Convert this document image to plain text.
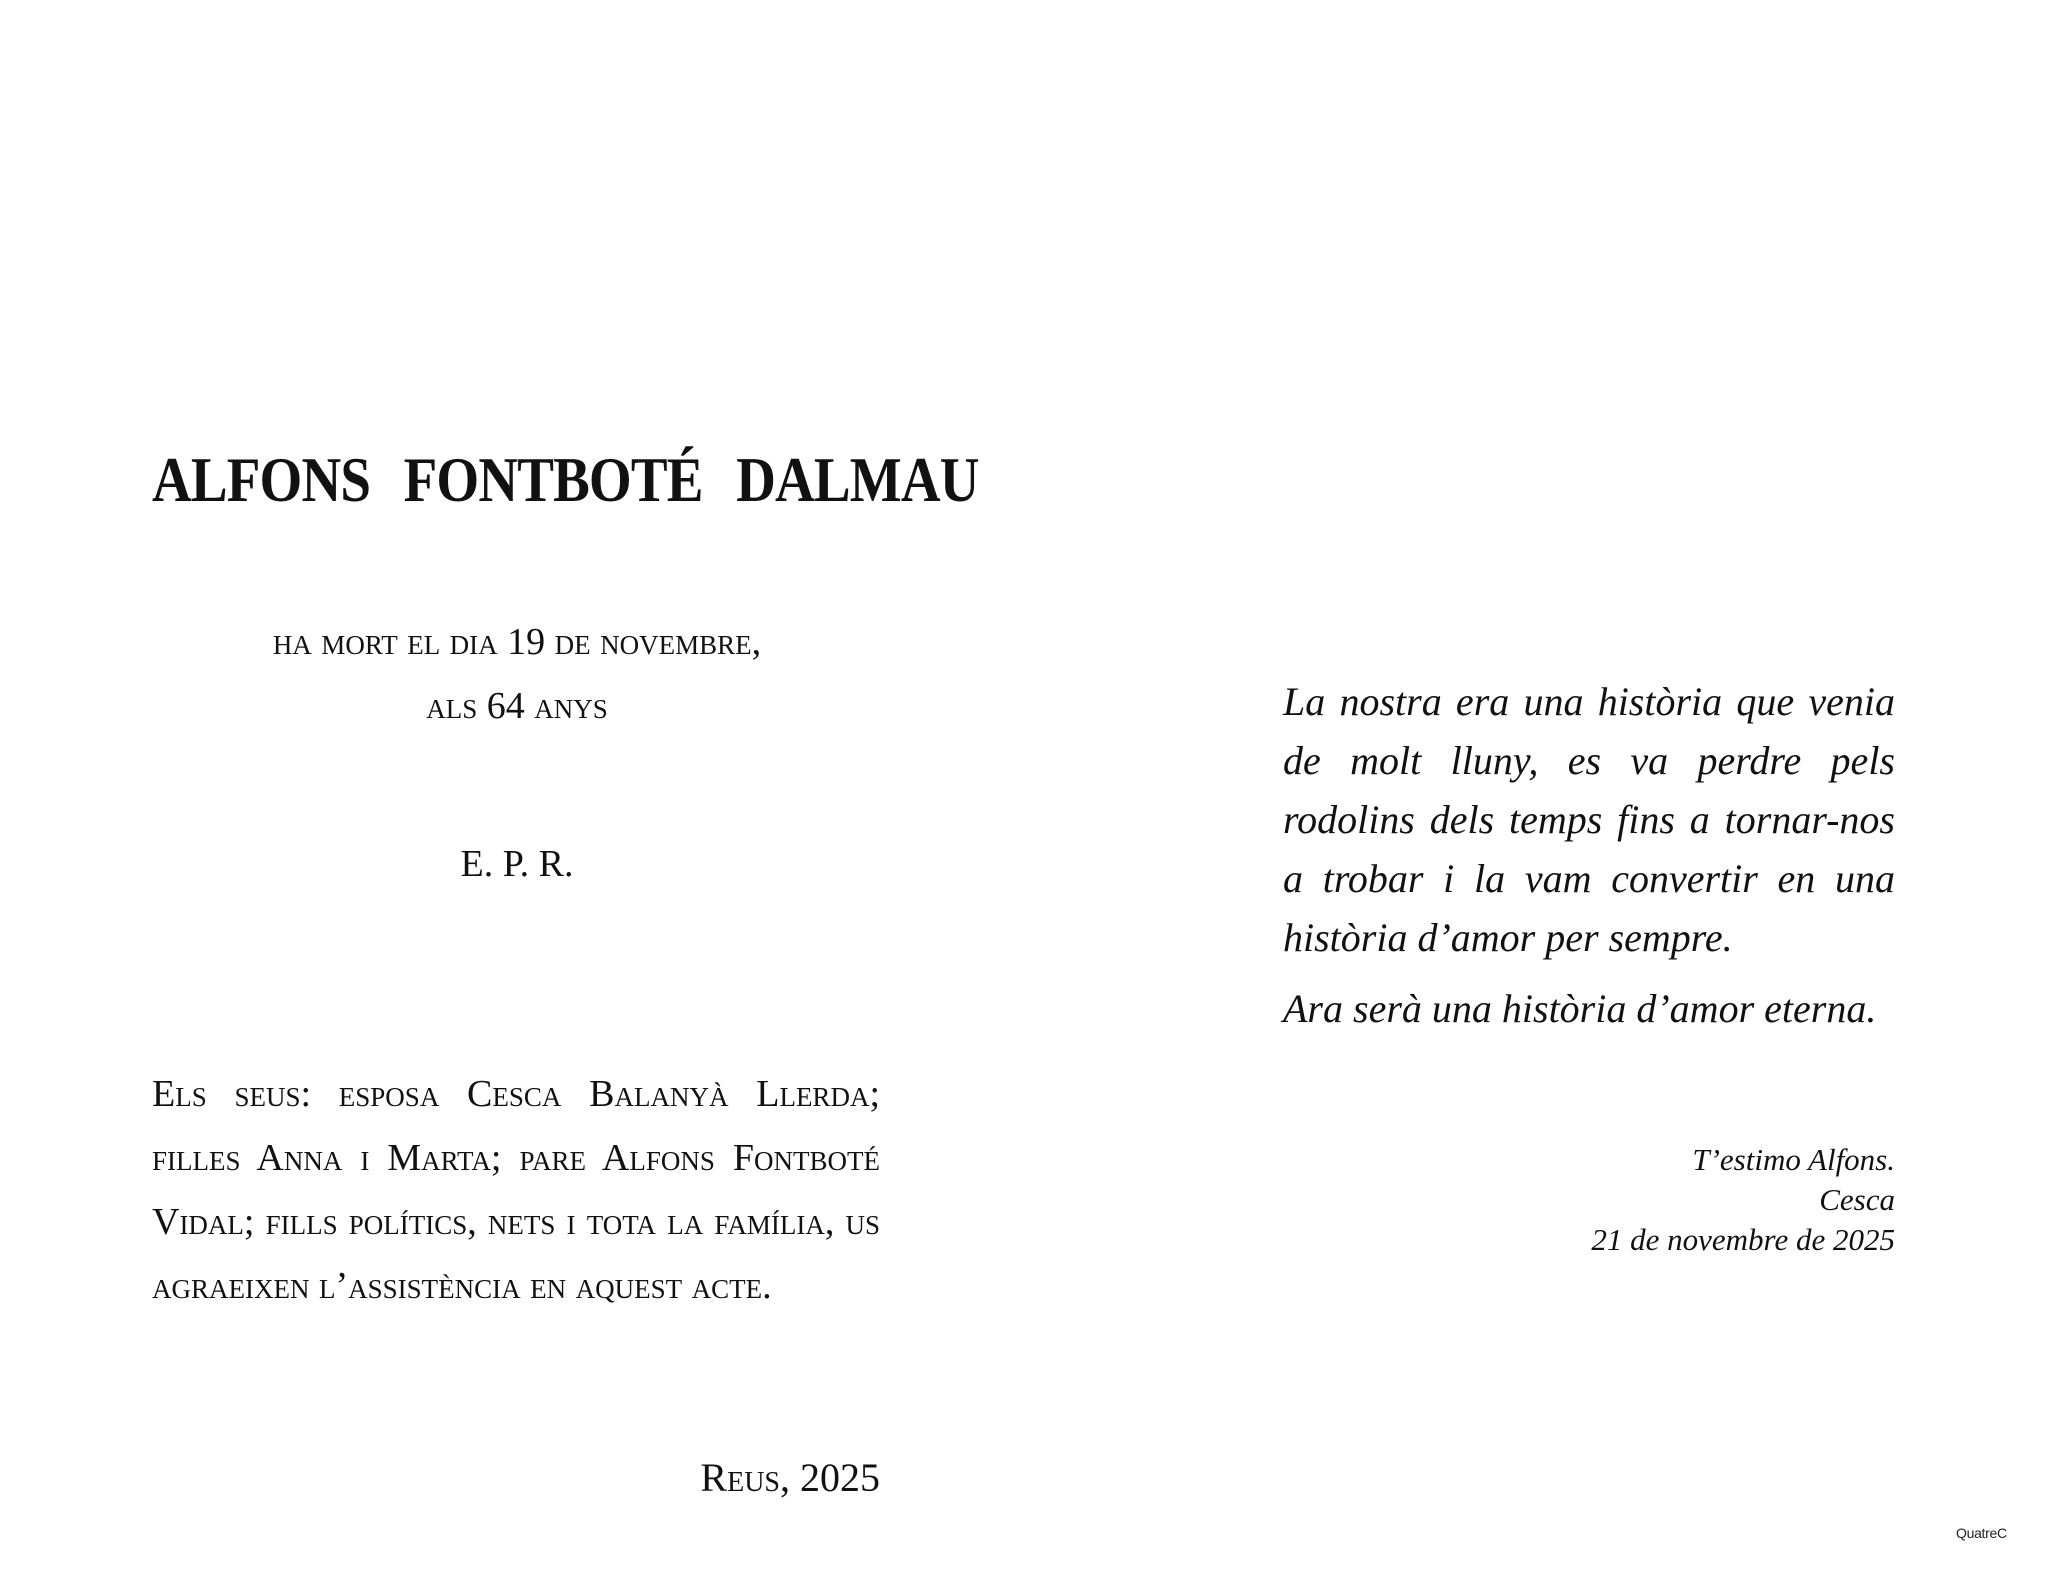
ALFONS FONTBOTÉ DALMAU
ha mort el dia 19 de novembre,
als 64 anys
E. P. R.

Els seus: esposa Cesca Balanyà Llerda; filles Anna i Marta; pare Alfons Fontboté Vidal; fills polítics, nets i tota la família, us agraeixen l’assistència en aquest acte.

Reus, 2025

La nostra era una història que venia de molt lluny, es va perdre pels rodolins dels temps fins a tornar-nos a trobar i la vam convertir en una història d’amor per sempre.

Ara serà una història d’amor eterna.

T’estimo Alfons.
Cesca
21 de novembre de 2025
QuatreC
